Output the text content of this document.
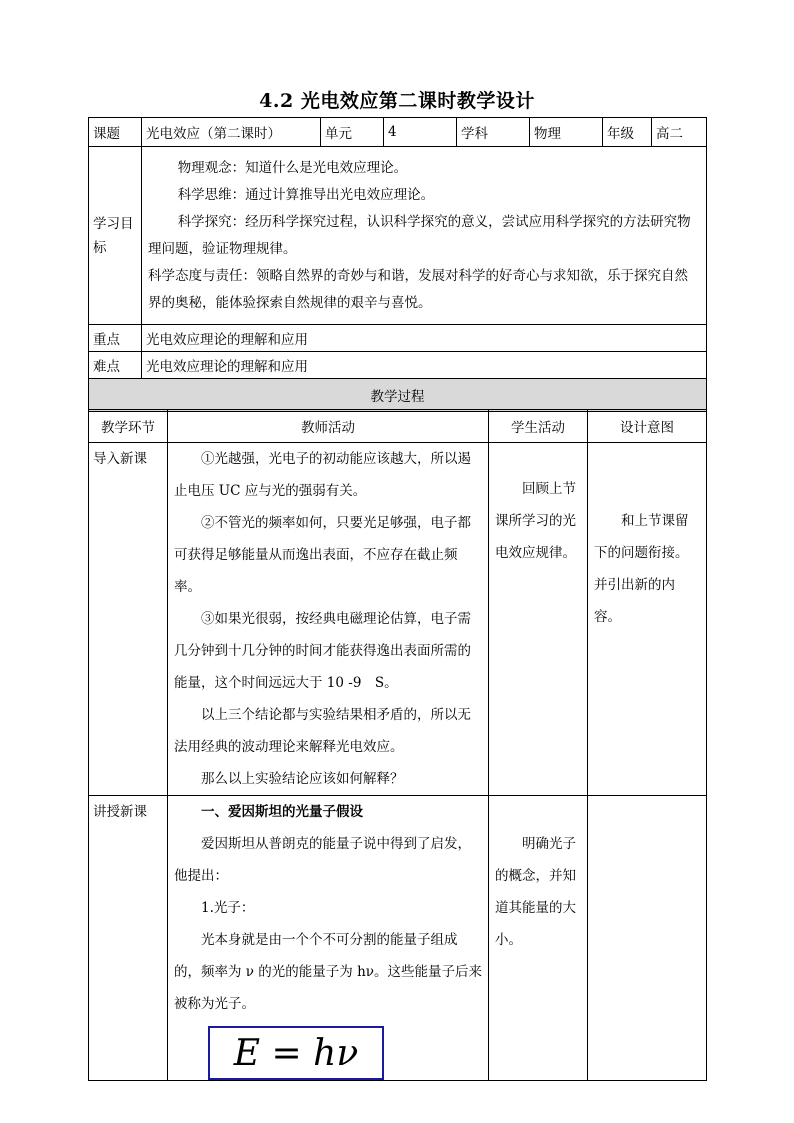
4.2 光电效应第二课时教学设计
课题	光电效应（第二课时）	单元	4	学科	物理	年级	高二
学习目标	物理观念：知道什么是光电效应理论。

科学思维：通过计算推导出光电效应理论。

科学探究：经历科学探究过程，认识科学探究的意义，尝试应用科学探究的方法研究物理问题，验证物理规律。

科学态度与责任：领略自然界的奇妙与和谐，发展对科学的好奇心与求知欲，乐于探究自然界的奥秘，能体验探索自然规律的艰辛与喜悦。						

重点	光电效应理论的理解和应用						
难点	光电效应理论的理解和应用						
教学过程							
教学环节	教师活动	学生活动	设计意图
导入新课	①光越强，光电子的初动能应该越大，所以遏止电压 UC 应与光的强弱有关。

②不管光的频率如何，只要光足够强，电子都可获得足够能量从而逸出表面，不应存在截止频率。

③如果光很弱，按经典电磁理论估算，电子需几分钟到十几分钟的时间才能获得逸出表面所需的能量，这个时间远远大于 10 -9　S。

以上三个结论都与实验结果相矛盾的，所以无法用经典的波动理论来解释光电效应。

那么以上实验结论应该如何解释？	回顾上节课所学习的光电效应规律。	和上节课留下的问题衔接。并引出新的内容。

讲授新课	一、爱因斯坦的光量子假设

爱因斯坦从普朗克的能量子说中得到了启发，他提出：

1.光子：

光本身就是由一个个不可分割的能量子组成的，频率为 ν 的光的能量子为 hν。这些能量子后来被称为光子。

E = hν	明确光子的概念，并知道其能量的大小。	
